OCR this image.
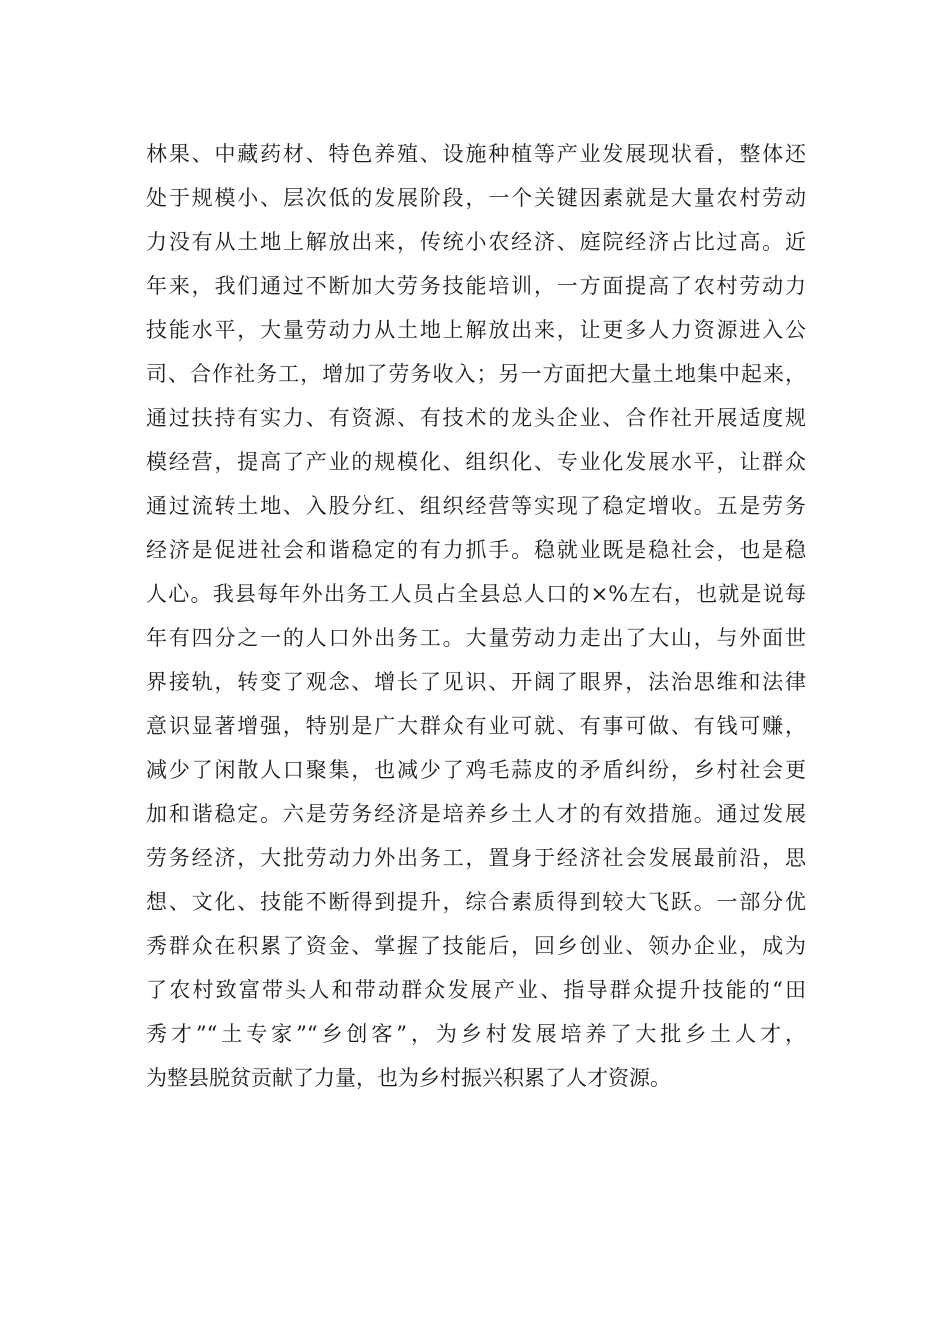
林果、中藏药材、特色养殖、设施种植等产业发展现状看，整体还
处于规模小、层次低的发展阶段，一个关键因素就是大量农村劳动
力没有从土地上解放出来，传统小农经济、庭院经济占比过高。近
年来，我们通过不断加大劳务技能培训，一方面提高了农村劳动力
技能水平，大量劳动力从土地上解放出来，让更多人力资源进入公
司、合作社务工，增加了劳务收入；另一方面把大量土地集中起来，
通过扶持有实力、有资源、有技术的龙头企业、合作社开展适度规
模经营，提高了产业的规模化、组织化、专业化发展水平，让群众
通过流转土地、入股分红、组织经营等实现了稳定增收。五是劳务
经济是促进社会和谐稳定的有力抓手。稳就业既是稳社会，也是稳
人心。我县每年外出务工人员占全县总人口的×%左右，也就是说每
年有四分之一的人口外出务工。大量劳动力走出了大山，与外面世
界接轨，转变了观念、增长了见识、开阔了眼界，法治思维和法律
意识显著增强，特别是广大群众有业可就、有事可做、有钱可赚，
减少了闲散人口聚集，也减少了鸡毛蒜皮的矛盾纠纷，乡村社会更
加和谐稳定。六是劳务经济是培养乡土人才的有效措施。通过发展
劳务经济，大批劳动力外出务工，置身于经济社会发展最前沿，思
想、文化、技能不断得到提升，综合素质得到较大飞跃。一部分优
秀群众在积累了资金、掌握了技能后，回乡创业、领办企业，成为
了农村致富带头人和带动群众发展产业、指导群众提升技能的“田
秀才”“土专家”“乡创客”，为乡村发展培养了大批乡土人才，
为整县脱贫贡献了力量，也为乡村振兴积累了人才资源。
